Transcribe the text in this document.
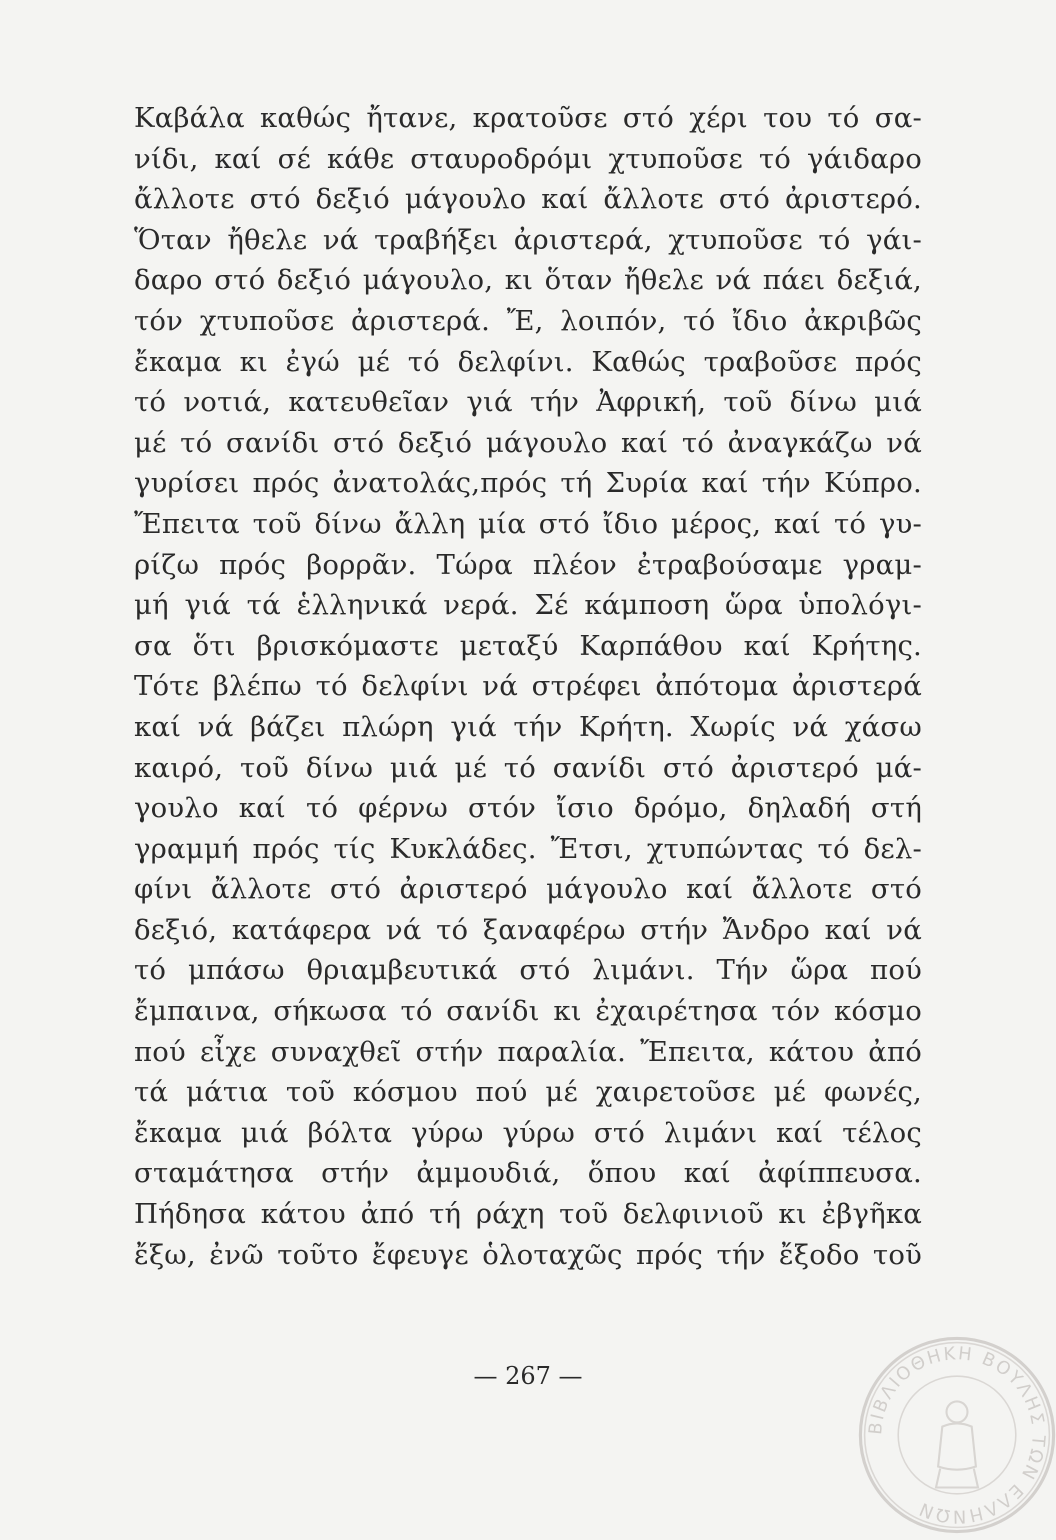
Καβάλα καθώς ἤτανε, κρατοῦσε στό χέρι του τό σα-
νίδι, καί σέ κάθε σταυροδρόμι χτυποῦσε τό γάιδαρο
ἄλλοτε στό δεξιό μάγουλο καί ἄλλοτε στό ἀριστερό.
Ὅταν ἤθελε νά τραβήξει ἀριστερά, χτυποῦσε τό γάι-
δαρο στό δεξιό μάγουλο, κι ὅταν ἤθελε νά πάει δεξιά,
τόν χτυποῦσε ἀριστερά. Ἔ, λοιπόν, τό ἴδιο ἀκριβῶς
ἔκαμα κι ἐγώ μέ τό δελφίνι. Καθώς τραβοῦσε πρός
τό νοτιά, κατευθεῖαν γιά τήν Ἀφρική, τοῦ δίνω μιά
μέ τό σανίδι στό δεξιό μάγουλο καί τό ἀναγκάζω νά
γυρίσει πρός ἀνατολάς,πρός τή Συρία καί τήν Κύπρο.
Ἔπειτα τοῦ δίνω ἄλλη μία στό ἴδιο μέρος, καί τό γυ-
ρίζω πρός βορρᾶν. Τώρα πλέον ἐτραβούσαμε γραμ-
μή γιά τά ἑλληνικά νερά. Σέ κάμποση ὥρα ὑπολόγι-
σα ὅτι βρισκόμαστε μεταξύ Καρπάθου καί Κρήτης.
Τότε βλέπω τό δελφίνι νά στρέφει ἀπότομα ἀριστερά
καί νά βάζει πλώρη γιά τήν Κρήτη. Χωρίς νά χάσω
καιρό, τοῦ δίνω μιά μέ τό σανίδι στό ἀριστερό μά-
γουλο καί τό φέρνω στόν ἴσιο δρόμο, δηλαδή στή
γραμμή πρός τίς Κυκλάδες. Ἔτσι, χτυπώντας τό δελ-
φίνι ἄλλοτε στό ἀριστερό μάγουλο καί ἄλλοτε στό
δεξιό, κατάφερα νά τό ξαναφέρω στήν Ἄνδρο καί νά
τό μπάσω θριαμβευτικά στό λιμάνι. Τήν ὥρα πού
ἔμπαινα, σήκωσα τό σανίδι κι ἐχαιρέτησα τόν κόσμο
πού εἶχε συναχθεῖ στήν παραλία. Ἔπειτα, κάτου ἀπό
τά μάτια τοῦ κόσμου πού μέ χαιρετοῦσε μέ φωνές,
ἔκαμα μιά βόλτα γύρω γύρω στό λιμάνι καί τέλος
σταμάτησα στήν ἀμμουδιά, ὅπου καί ἀφίππευσα.
Πήδησα κάτου ἀπό τή ράχη τοῦ δελφινιοῦ κι ἐβγῆκα
ἔξω, ἐνῶ τοῦτο ἔφευγε ὁλοταχῶς πρός τήν ἔξοδο τοῦ
— 267 —
ΒΙΒΛΙΟΘΗΚΗ ΒΟΥΛΗΣ ΤΩΝ ΕΛΛΗΝΩΝ
